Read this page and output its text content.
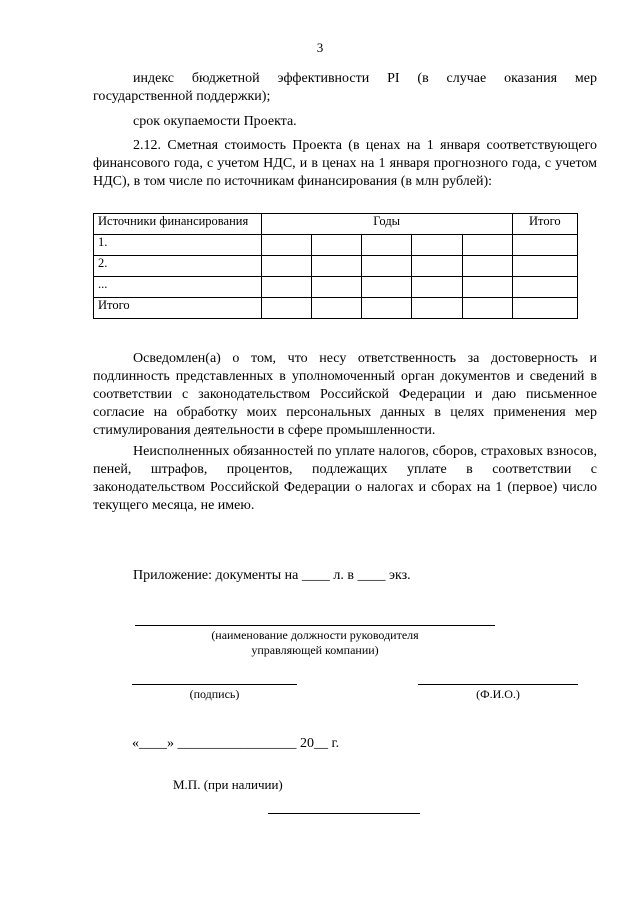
3
индекс бюджетной эффективности PI (в случае оказания мер государственной поддержки);
срок окупаемости Проекта.
2.12. Сметная стоимость Проекта (в ценах на 1 января соответствующего финансового года, с учетом НДС, и в ценах на 1 января прогнозного года, с учетом НДС), в том числе по источникам финансирования (в млн рублей):
Источники финансирования	Годы					Итого
1.						
2.						
...						
Итого						
Осведомлен(а) о том, что несу ответственность за достоверность и подлинность представленных в уполномоченный орган документов и сведений в соответствии с законодательством Российской Федерации и даю письменное согласие на обработку моих персональных данных в целях применения мер стимулирования деятельности в сфере промышленности.
Неисполненных обязанностей по уплате налогов, сборов, страховых взносов, пеней, штрафов, процентов, подлежащих уплате в соответствии с законодательством Российской Федерации о налогах и сборах на 1 (первое) число текущего месяца, не имею.
Приложение: документы на ____ л. в ____ экз.
(наименование должности руководителя
управляющей компании)
(подпись)	(Ф.И.О.)
«____» _________________ 20__ г.
М.П. (при наличии)
